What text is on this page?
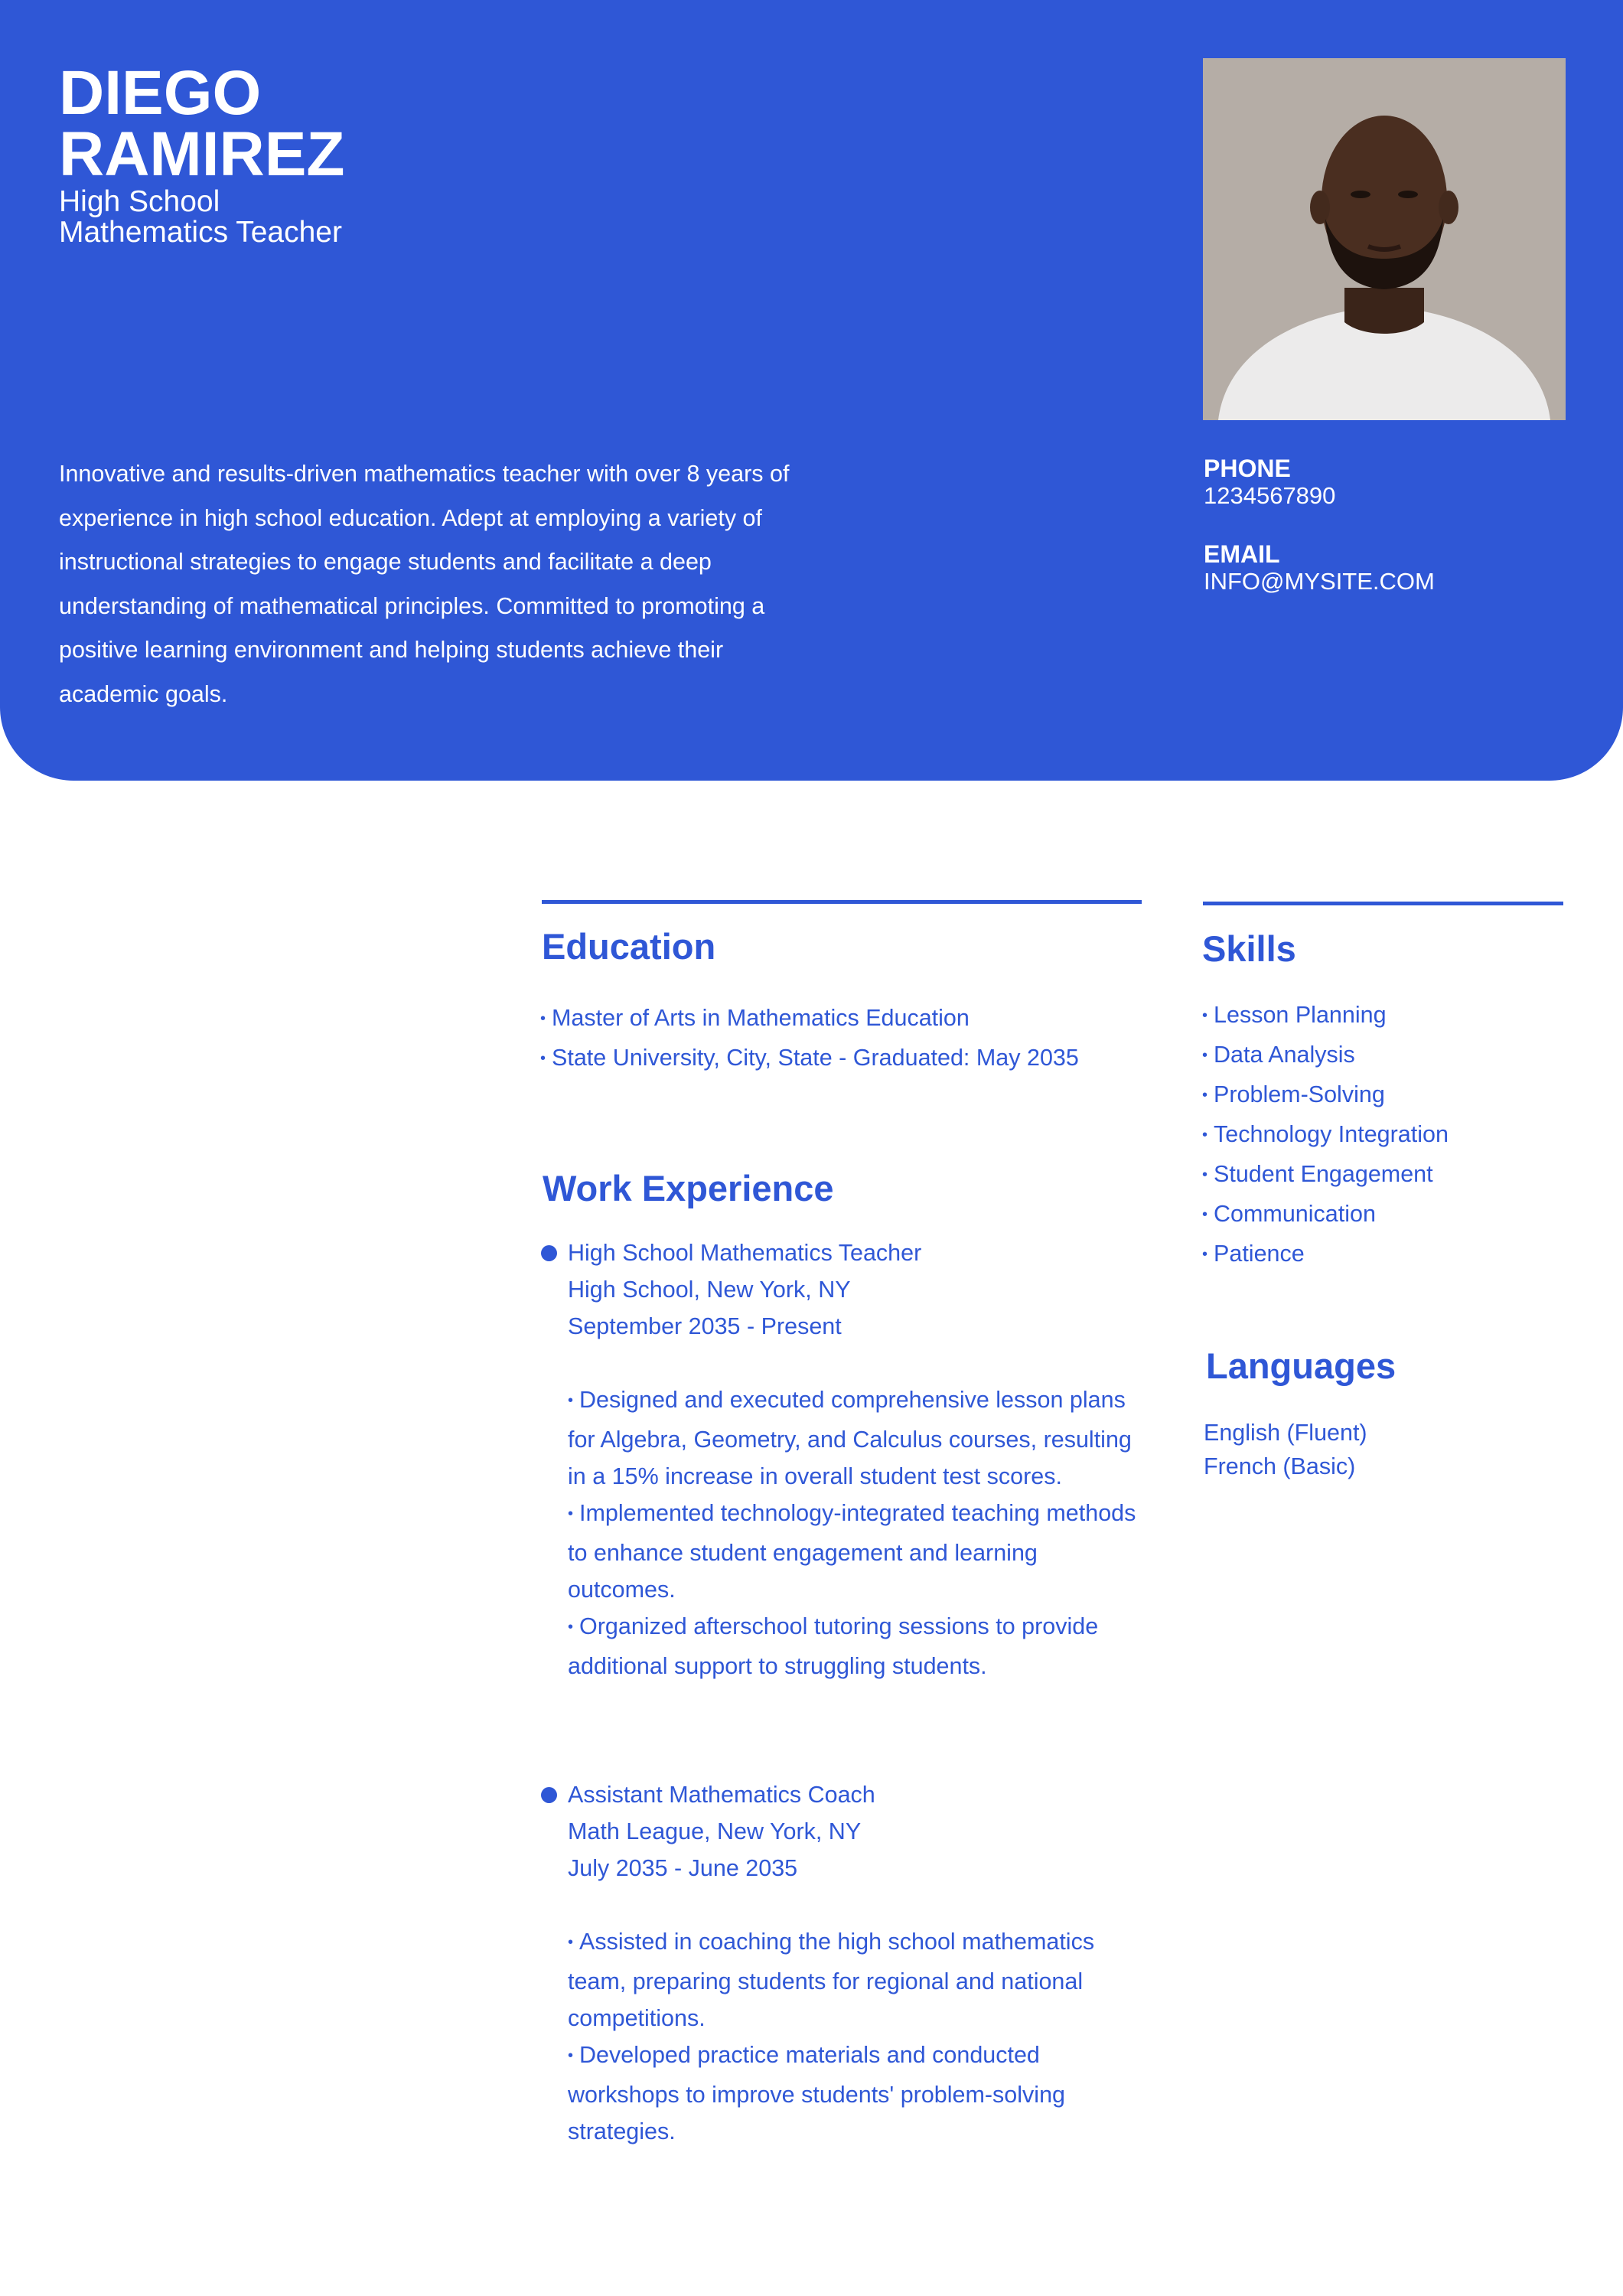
DIEGO
RAMIREZ
High School Mathematics Teacher
Innovative and results-driven mathematics teacher with over 8 years of experience in high school education. Adept at employing a variety of instructional strategies to engage students and facilitate a deep understanding of mathematical principles. Committed to promoting a positive learning environment and helping students achieve their academic goals.
PHONE
1234567890
EMAIL
INFO@MYSITE.COM
Education
• Master of Arts in Mathematics Education
• State University, City, State - Graduated: May 2035
Work Experience
High School Mathematics Teacher
High School, New York, NY
September 2035 - Present
• Designed and executed comprehensive lesson plans for Algebra, Geometry, and Calculus courses, resulting in a 15% increase in overall student test scores.
• Implemented technology-integrated teaching methods to enhance student engagement and learning outcomes.
• Organized afterschool tutoring sessions to provide additional support to struggling students.
Assistant Mathematics Coach
Math League, New York, NY
July 2035 - June 2035
• Assisted in coaching the high school mathematics team, preparing students for regional and national competitions.
• Developed practice materials and conducted workshops to improve students' problem-solving strategies.
Skills
• Lesson Planning
• Data Analysis
• Problem-Solving
• Technology Integration
• Student Engagement
• Communication
• Patience
Languages
English (Fluent)
French (Basic)
